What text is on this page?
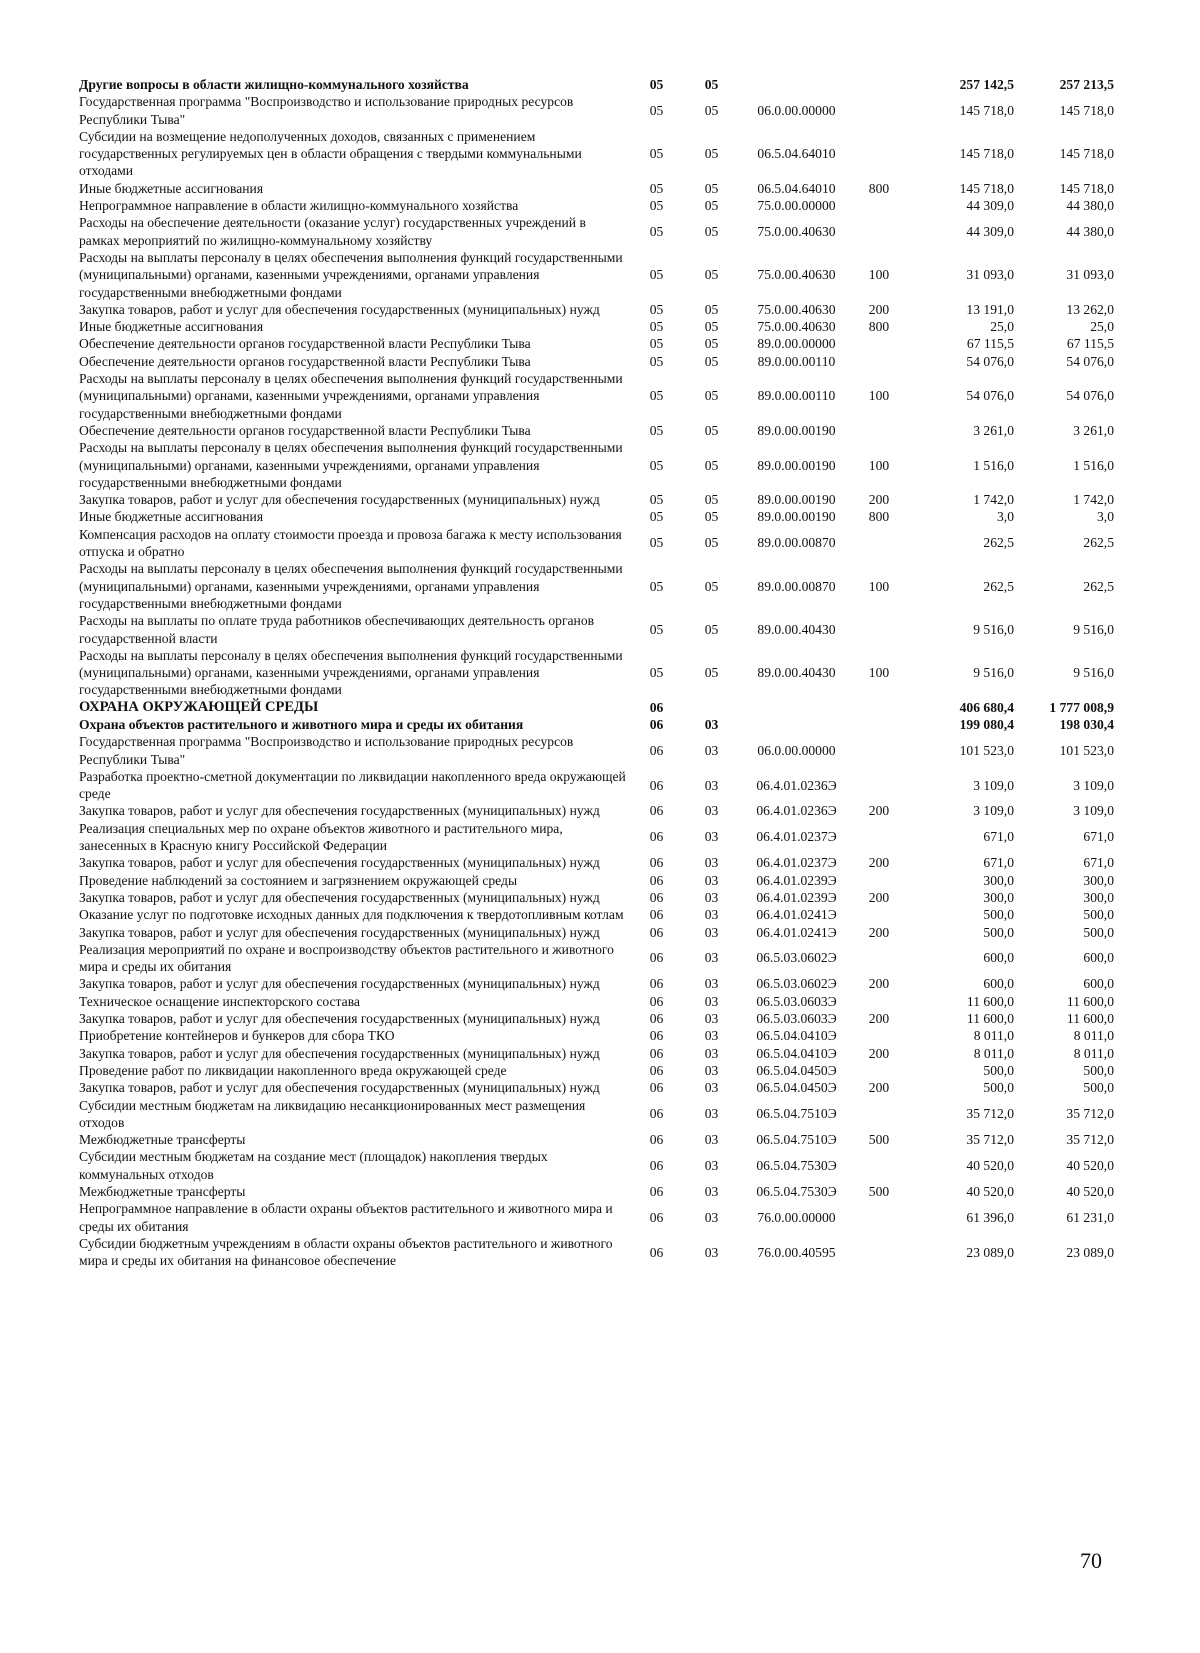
Другие вопросы в области жилищно-коммунального хозяйства	05	05			257 142,5	257 213,5
Государственная программа "Воспроизводство и использование природных ресурсов Республики Тыва"	05	05	06.0.00.00000		145 718,0	145 718,0
Субсидии на возмещение недополученных доходов, связанных с применением государственных регулируемых цен в области обращения с твердыми коммунальными отходами	05	05	06.5.04.64010		145 718,0	145 718,0
Иные бюджетные ассигнования	05	05	06.5.04.64010	800	145 718,0	145 718,0
Непрограммное направление в области жилищно-коммунального хозяйства	05	05	75.0.00.00000		44 309,0	44 380,0
Расходы на обеспечение деятельности (оказание услуг) государственных учреждений в рамках мероприятий по жилищно-коммунальному хозяйству	05	05	75.0.00.40630		44 309,0	44 380,0
Расходы на выплаты персоналу в целях обеспечения выполнения функций государственными (муниципальными) органами, казенными учреждениями, органами управления государственными внебюджетными фондами	05	05	75.0.00.40630	100	31 093,0	31 093,0
Закупка товаров, работ и услуг для обеспечения государственных (муниципальных) нужд	05	05	75.0.00.40630	200	13 191,0	13 262,0
Иные бюджетные ассигнования	05	05	75.0.00.40630	800	25,0	25,0
Обеспечение деятельности органов государственной власти Республики Тыва	05	05	89.0.00.00000		67 115,5	67 115,5
Обеспечение деятельности органов государственной власти Республики Тыва	05	05	89.0.00.00110		54 076,0	54 076,0
Расходы на выплаты персоналу в целях обеспечения выполнения функций государственными (муниципальными) органами, казенными учреждениями, органами управления государственными внебюджетными фондами	05	05	89.0.00.00110	100	54 076,0	54 076,0
Обеспечение деятельности органов государственной власти Республики Тыва	05	05	89.0.00.00190		3 261,0	3 261,0
Расходы на выплаты персоналу в целях обеспечения выполнения функций государственными (муниципальными) органами, казенными учреждениями, органами управления государственными внебюджетными фондами	05	05	89.0.00.00190	100	1 516,0	1 516,0
Закупка товаров, работ и услуг для обеспечения государственных (муниципальных) нужд	05	05	89.0.00.00190	200	1 742,0	1 742,0
Иные бюджетные ассигнования	05	05	89.0.00.00190	800	3,0	3,0
Компенсация расходов на оплату стоимости проезда и провоза багажа к месту использования отпуска и обратно	05	05	89.0.00.00870		262,5	262,5
Расходы на выплаты персоналу в целях обеспечения выполнения функций государственными (муниципальными) органами, казенными учреждениями, органами управления государственными внебюджетными фондами	05	05	89.0.00.00870	100	262,5	262,5
Расходы на выплаты по оплате труда работников обеспечивающих деятельность органов государственной власти	05	05	89.0.00.40430		9 516,0	9 516,0
Расходы на выплаты персоналу в целях обеспечения выполнения функций государственными (муниципальными) органами, казенными учреждениями, органами управления государственными внебюджетными фондами	05	05	89.0.00.40430	100	9 516,0	9 516,0
ОХРАНА ОКРУЖАЮЩЕЙ СРЕДЫ	06				406 680,4	1 777 008,9
Охрана объектов растительного и животного мира и среды их обитания	06	03			199 080,4	198 030,4
Государственная программа "Воспроизводство и использование природных ресурсов Республики Тыва"	06	03	06.0.00.00000		101 523,0	101 523,0
Разработка проектно-сметной документации по ликвидации накопленного вреда окружающей среде	06	03	06.4.01.0236Э		3 109,0	3 109,0
Закупка товаров, работ и услуг для обеспечения государственных (муниципальных) нужд	06	03	06.4.01.0236Э	200	3 109,0	3 109,0
Реализация специальных мер по охране объектов животного и растительного мира, занесенных в Красную книгу Российской Федерации	06	03	06.4.01.0237Э		671,0	671,0
Закупка товаров, работ и услуг для обеспечения государственных (муниципальных) нужд	06	03	06.4.01.0237Э	200	671,0	671,0
Проведение наблюдений за состоянием и загрязнением окружающей среды	06	03	06.4.01.0239Э		300,0	300,0
Закупка товаров, работ и услуг для обеспечения государственных (муниципальных) нужд	06	03	06.4.01.0239Э	200	300,0	300,0
Оказание услуг по подготовке исходных данных для подключения к твердотопливным котлам	06	03	06.4.01.0241Э		500,0	500,0
Закупка товаров, работ и услуг для обеспечения государственных (муниципальных) нужд	06	03	06.4.01.0241Э	200	500,0	500,0
Реализация мероприятий по охране и воспроизводству объектов растительного и животного мира и среды их обитания	06	03	06.5.03.0602Э		600,0	600,0
Закупка товаров, работ и услуг для обеспечения государственных (муниципальных) нужд	06	03	06.5.03.0602Э	200	600,0	600,0
Техническое оснащение инспекторского состава	06	03	06.5.03.0603Э		11 600,0	11 600,0
Закупка товаров, работ и услуг для обеспечения государственных (муниципальных) нужд	06	03	06.5.03.0603Э	200	11 600,0	11 600,0
Приобретение контейнеров и бункеров для сбора ТКО	06	03	06.5.04.0410Э		8 011,0	8 011,0
Закупка товаров, работ и услуг для обеспечения государственных (муниципальных) нужд	06	03	06.5.04.0410Э	200	8 011,0	8 011,0
Проведение работ по ликвидации накопленного вреда окружающей среде	06	03	06.5.04.0450Э		500,0	500,0
Закупка товаров, работ и услуг для обеспечения государственных (муниципальных) нужд	06	03	06.5.04.0450Э	200	500,0	500,0
Субсидии местным бюджетам на ликвидацию несанкционированных мест размещения отходов	06	03	06.5.04.7510Э		35 712,0	35 712,0
Межбюджетные трансферты	06	03	06.5.04.7510Э	500	35 712,0	35 712,0
Субсидии местным бюджетам на создание мест (площадок) накопления твердых коммунальных отходов	06	03	06.5.04.7530Э		40 520,0	40 520,0
Межбюджетные трансферты	06	03	06.5.04.7530Э	500	40 520,0	40 520,0
Непрограммное направление в области охраны объектов растительного и животного мира и среды их обитания	06	03	76.0.00.00000		61 396,0	61 231,0
Субсидии бюджетным учреждениям в области охраны объектов растительного и животного мира и среды их обитания на финансовое обеспечение	06	03	76.0.00.40595		23 089,0	23 089,0
70
